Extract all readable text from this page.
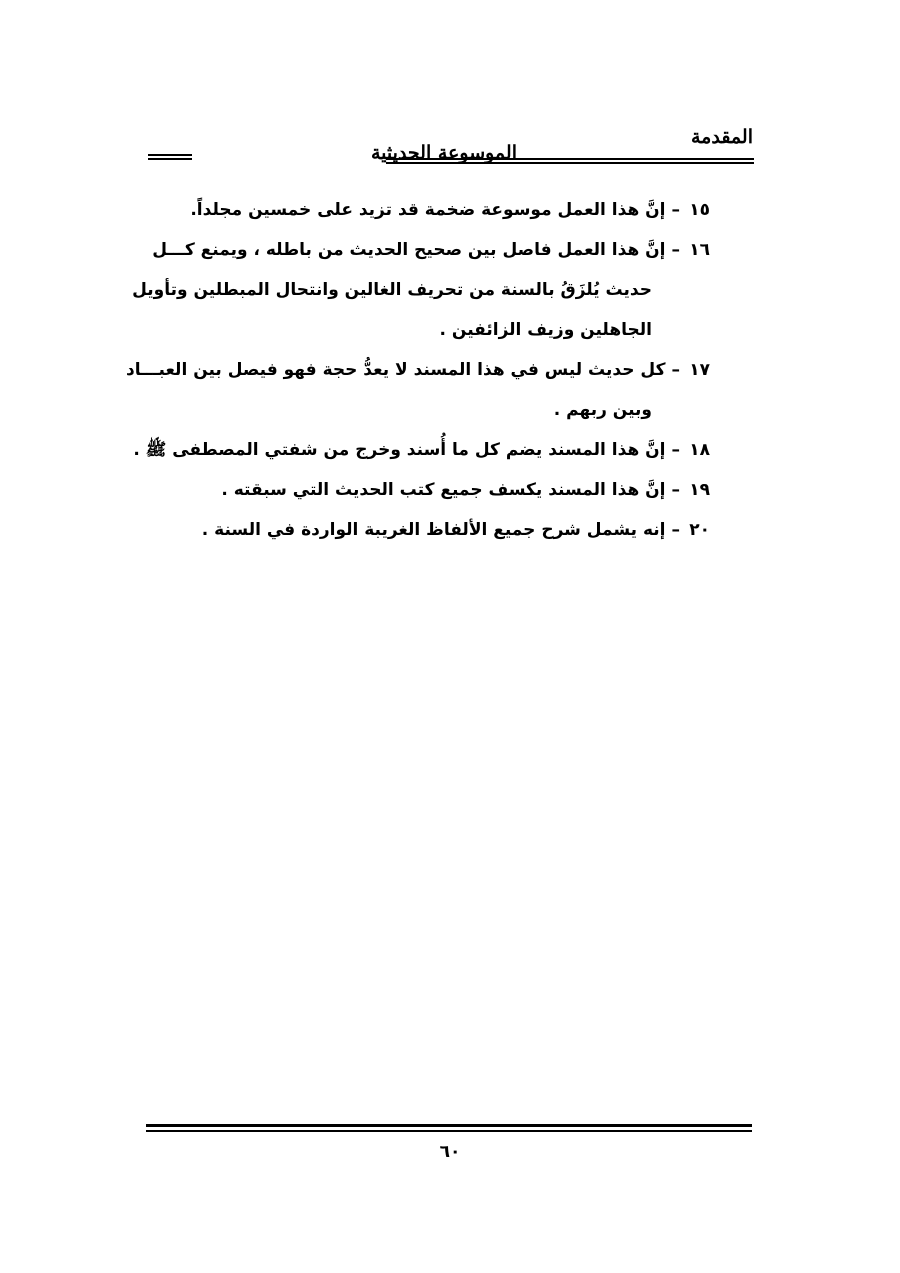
المقدمة
الموسوعة الحديثية
١٥–إنَّ هذا العمل موسوعة ضخمة قد تزيد على خمسين مجلداً.
١٦–إنَّ هذا العمل فاصل بين صحيح الحديث من باطله ، ويمنع كـــل
حديث يُلزَقُ بالسنة من تحريف الغالين وانتحال المبطلين وتأويل
الجاهلين وزيف الزائفين .
١٧–كل حديث ليس في هذا المسند لا يعدُّ حجة فهو فيصل بين العبـــاد
وبين ربهم .
١٨–إنَّ هذا المسند يضم كل ما أُسند وخرج من شفتي المصطفى ﷺ .
١٩–إنَّ هذا المسند يكسف جميع كتب الحديث التي سبقته .
٢٠–إنه يشمل شرح جميع الألفاظ الغريبة الواردة في السنة .
٦٠
